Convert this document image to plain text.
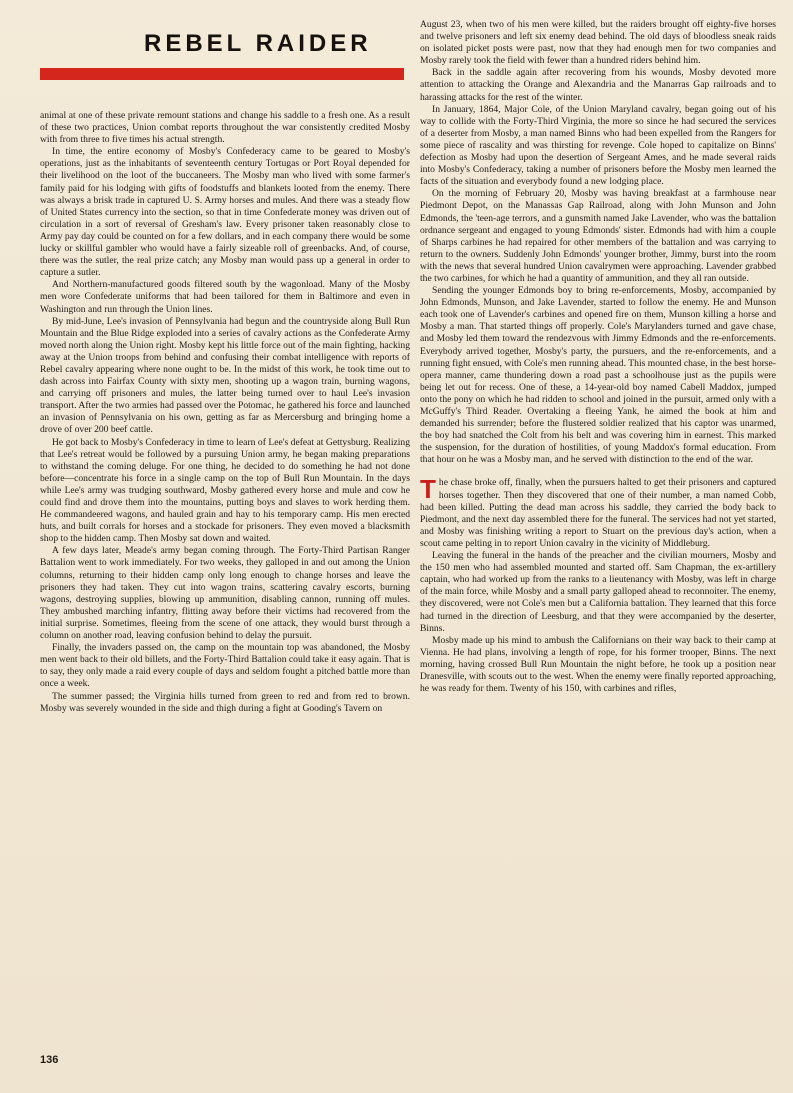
REBEL RAIDER

animal at one of these private remount stations and change his saddle to a fresh one. As a result of these two practices, Union combat reports throughout the war consistently credited Mosby with from three to five times his actual strength.

In time, the entire economy of Mosby's Confederacy came to be geared to Mosby's operations, just as the inhabitants of seventeenth century Tortugas or Port Royal depended for their livelihood on the loot of the buccaneers. The Mosby man who lived with some farmer's family paid for his lodging with gifts of foodstuffs and blankets looted from the enemy. There was always a brisk trade in captured U. S. Army horses and mules. And there was a steady flow of United States currency into the section, so that in time Confederate money was driven out of circulation in a sort of reversal of Gresham's law. Every prisoner taken reasonably close to Army pay day could be counted on for a few dollars, and in each company there would be some lucky or skillful gambler who would have a fairly sizeable roll of greenbacks. And, of course, there was the sutler, the real prize catch; any Mosby man would pass up a general in order to capture a sutler.

And Northern-manufactured goods filtered south by the wagonload. Many of the Mosby men wore Confederate uniforms that had been tailored for them in Baltimore and even in Washington and run through the Union lines.

By mid-June, Lee's invasion of Pennsylvania had begun and the countryside along Bull Run Mountain and the Blue Ridge exploded into a series of cavalry actions as the Confederate Army moved north along the Union right. Mosby kept his little force out of the main fighting, hacking away at the Union troops from behind and confusing their combat intelligence with reports of Rebel cavalry appearing where none ought to be. In the midst of this work, he took time out to dash across into Fairfax County with sixty men, shooting up a wagon train, burning wagons, and carrying off prisoners and mules, the latter being turned over to haul Lee's invasion transport. After the two armies had passed over the Potomac, he gathered his force and launched an invasion of Pennsylvania on his own, getting as far as Mercersburg and bringing home a drove of over 200 beef cattle.

He got back to Mosby's Confederacy in time to learn of Lee's defeat at Gettysburg. Realizing that Lee's retreat would be followed by a pursuing Union army, he began making preparations to withstand the coming deluge. For one thing, he decided to do something he had not done before—concentrate his force in a single camp on the top of Bull Run Mountain. In the days while Lee's army was trudging southward, Mosby gathered every horse and mule and cow he could find and drove them into the mountains, putting boys and slaves to work herding them. He commandeered wagons, and hauled grain and hay to his temporary camp. His men erected huts, and built corrals for horses and a stockade for prisoners. They even moved a blacksmith shop to the hidden camp. Then Mosby sat down and waited.

A few days later, Meade's army began coming through. The Forty-Third Partisan Ranger Battalion went to work immediately. For two weeks, they galloped in and out among the Union columns, returning to their hidden camp only long enough to change horses and leave the prisoners they had taken. They cut into wagon trains, scattering cavalry escorts, burning wagons, destroying supplies, blowing up ammunition, disabling cannon, running off mules. They ambushed marching infantry, flitting away before their victims had recovered from the initial surprise. Sometimes, fleeing from the scene of one attack, they would burst through a column on another road, leaving confusion behind to delay the pursuit.

Finally, the invaders passed on, the camp on the mountain top was abandoned, the Mosby men went back to their old billets, and the Forty-Third Battalion could take it easy again. That is to say, they only made a raid every couple of days and seldom fought a pitched battle more than once a week.

The summer passed; the Virginia hills turned from green to red and from red to brown. Mosby was severely wounded in the side and thigh during a fight at Gooding's Tavern on

August 23, when two of his men were killed, but the raiders brought off eighty-five horses and twelve prisoners and left six enemy dead behind. The old days of bloodless sneak raids on isolated picket posts were past, now that they had enough men for two companies and Mosby rarely took the field with fewer than a hundred riders behind him.

Back in the saddle again after recovering from his wounds, Mosby devoted more attention to attacking the Orange and Alexandria and the Manarras Gap railroads and to harassing attacks for the rest of the winter.

In January, 1864, Major Cole, of the Union Maryland cavalry, began going out of his way to collide with the Forty-Third Virginia, the more so since he had secured the services of a deserter from Mosby, a man named Binns who had been expelled from the Rangers for some piece of rascality and was thirsting for revenge. Cole hoped to capitalize on Binns' defection as Mosby had upon the desertion of Sergeant Ames, and he made several raids into Mosby's Confederacy, taking a number of prisoners before the Mosby men learned the facts of the situation and everybody found a new lodging place.

On the morning of February 20, Mosby was having breakfast at a farmhouse near Piedmont Depot, on the Manassas Gap Railroad, along with John Munson and John Edmonds, the 'teen-age terrors, and a gunsmith named Jake Lavender, who was the battalion ordnance sergeant and engaged to young Edmonds' sister. Edmonds had with him a couple of Sharps carbines he had repaired for other members of the battalion and was carrying to return to the owners. Suddenly John Edmonds' younger brother, Jimmy, burst into the room with the news that several hundred Union cavalrymen were approaching. Lavender grabbed the two carbines, for which he had a quantity of ammunition, and they all ran outside.

Sending the younger Edmonds boy to bring re-enforcements, Mosby, accompanied by John Edmonds, Munson, and Jake Lavender, started to follow the enemy. He and Munson each took one of Lavender's carbines and opened fire on them, Munson killing a horse and Mosby a man. That started things off properly. Cole's Marylanders turned and gave chase, and Mosby led them toward the rendezvous with Jimmy Edmonds and the re-enforcements. Everybody arrived together, Mosby's party, the pursuers, and the re-enforcements, and a running fight ensued, with Cole's men running ahead. This mounted chase, in the best horse-opera manner, came thundering down a road past a schoolhouse just as the pupils were being let out for recess. One of these, a 14-year-old boy named Cabell Maddox, jumped onto the pony on which he had ridden to school and joined in the pursuit, armed only with a McGuffy's Third Reader. Overtaking a fleeing Yank, he aimed the book at him and demanded his surrender; before the flustered soldier realized that his captor was unarmed, the boy had snatched the Colt from his belt and was covering him in earnest. This marked the suspension, for the duration of hostilities, of young Maddox's formal education. From that hour on he was a Mosby man, and he served with distinction to the end of the war.

The chase broke off, finally, when the pursuers halted to get their prisoners and captured horses together. Then they discovered that one of their number, a man named Cobb, had been killed. Putting the dead man across his saddle, they carried the body back to Piedmont, and the next day assembled there for the funeral. The services had not yet started, and Mosby was finishing writing a report to Stuart on the previous day's action, when a scout came pelting in to report Union cavalry in the vicinity of Middleburg.

Leaving the funeral in the hands of the preacher and the civilian mourners, Mosby and the 150 men who had assembled mounted and started off. Sam Chapman, the ex-artillery captain, who had worked up from the ranks to a lieutenancy with Mosby, was left in charge of the main force, while Mosby and a small party galloped ahead to reconnoiter. The enemy, they discovered, were not Cole's men but a California battalion. They learned that this force had turned in the direction of Leesburg, and that they were accompanied by the deserter, Binns.

Mosby made up his mind to ambush the Californians on their way back to their camp at Vienna. He had plans, involving a length of rope, for his former trooper, Binns. The next morning, having crossed Bull Run Mountain the night before, he took up a position near Dranesville, with scouts out to the west. When the enemy were finally reported approaching, he was ready for them. Twenty of his 150, with carbines and rifles,

136
